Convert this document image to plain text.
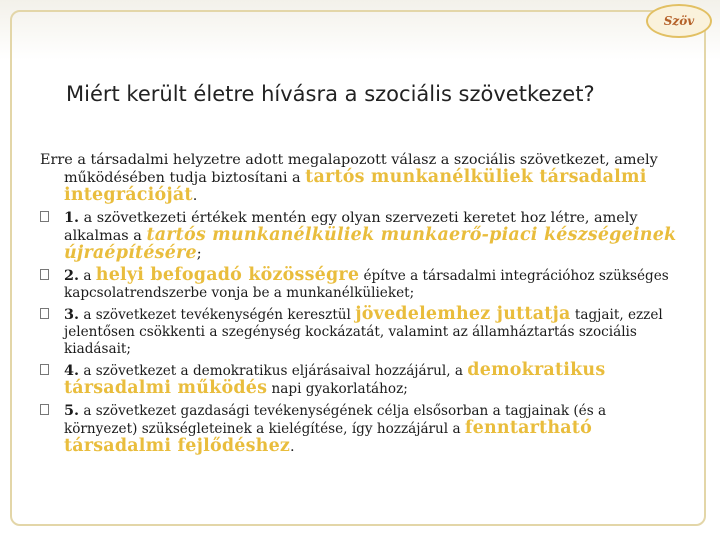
Szöv
Miért került életre hívásra a szociális szövetkezet?

Erre a társadalmi helyzetre adott megalapozott válasz a szociális szövetkezet, amely működésében tudja biztosítani a tartós munkanélküliek társadalmi integrációját.

1. a szövetkezeti értékek mentén egy olyan szervezeti keretet hoz létre, amely alkalmas a tartós munkanélküliek munkaerő-piaci készségeinek újraépítésére;

2. a helyi befogadó közösségre építve a társadalmi integrációhoz szükséges kapcsolatrendszerbe vonja be a munkanélkülieket;

3. a szövetkezet tevékenységén keresztül jövedelemhez juttatja tagjait, ezzel jelentősen csökkenti a szegénység kockázatát, valamint az államháztartás szociális kiadásait;

4. a szövetkezet a demokratikus eljárásaival hozzájárul, a demokratikus társadalmi működés napi gyakorlatához;

5. a szövetkezet gazdasági tevékenységének célja elsősorban a tagjainak (és a környezet) szükségleteinek a kielégítése, így hozzájárul a fenntartható társadalmi fejlődéshez.
